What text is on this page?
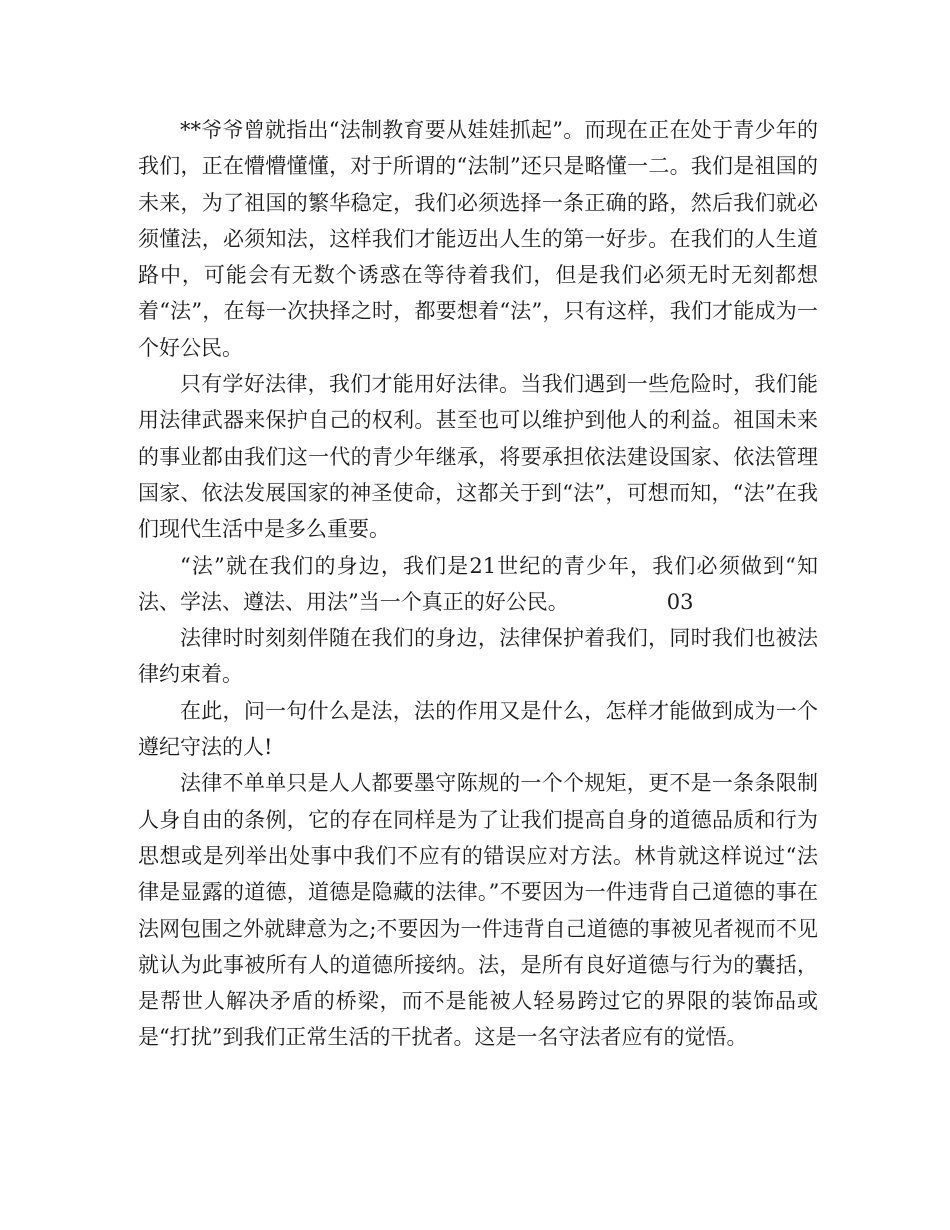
**爷爷曾就指出“法制教育要从娃娃抓起”。而现在正在处于青少年的我们，正在懵懵懂懂，对于所谓的“法制”还只是略懂一二。我们是祖国的未来，为了祖国的繁华稳定，我们必须选择一条正确的路，然后我们就必须懂法，必须知法，这样我们才能迈出人生的第一好步。在我们的人生道路中，可能会有无数个诱惑在等待着我们，但是我们必须无时无刻都想着“法”，在每一次抉择之时，都要想着“法”，只有这样，我们才能成为一个好公民。

只有学好法律，我们才能用好法律。当我们遇到一些危险时，我们能用法律武器来保护自己的权利。甚至也可以维护到他人的利益。祖国未来的事业都由我们这一代的青少年继承，将要承担依法建设国家、依法管理国家、依法发展国家的神圣使命，这都关于到“法”，可想而知，“法”在我们现代生活中是多么重要。

“法”就在我们的身边，我们是21世纪的青少年，我们必须做到“知法、学法、遵法、用法”当一个真正的好公民。	03

法律时时刻刻伴随在我们的身边，法律保护着我们，同时我们也被法律约束着。

在此，问一句什么是法，法的作用又是什么，怎样才能做到成为一个遵纪守法的人!

法律不单单只是人人都要墨守陈规的一个个规矩，更不是一条条限制人身自由的条例，它的存在同样是为了让我们提高自身的道德品质和行为思想或是列举出处事中我们不应有的错误应对方法。林肯就这样说过“法律是显露的道德，道德是隐藏的法律。”不要因为一件违背自己道德的事在法网包围之外就肆意为之;不要因为一件违背自己道德的事被见者视而不见就认为此事被所有人的道德所接纳。法，是所有良好道德与行为的囊括，是帮世人解决矛盾的桥梁，而不是能被人轻易跨过它的界限的装饰品或是“打扰”到我们正常生活的干扰者。这是一名守法者应有的觉悟。
